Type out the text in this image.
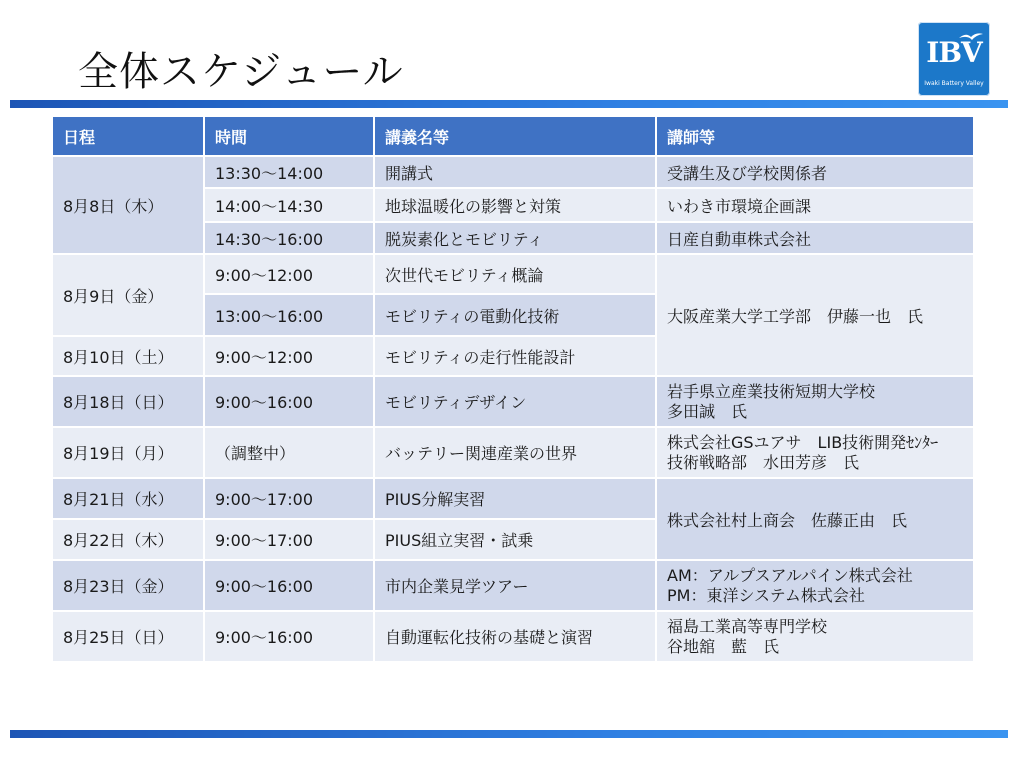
全体スケジュール	IBV
Iwaki Battery Valley
日程	時間	講義名等	講師等
8月8日（木）	13:30～14:00	開講式	受講生及び学校関係者
	14:00～14:30	地球温暖化の影響と対策	いわき市環境企画課
	14:30～16:00	脱炭素化とモビリティ	日産自動車株式会社
8月9日（金）	9:00～12:00	次世代モビリティ概論	大阪産業大学工学部　伊藤一也　氏
	13:00～16:00	モビリティの電動化技術	
8月10日（土）	9:00～12:00	モビリティの走行性能設計	
8月18日（日）	9:00～16:00	モビリティデザイン	岩手県立産業技術短期大学校
多田誠　氏

8月19日（月）	（調整中）	バッテリー関連産業の世界	株式会社GSユアサ　LIB技術開発ｾﾝﾀｰ
技術戦略部　水田芳彦　氏

8月21日（水）	9:00～17:00	PIUS分解実習	株式会社村上商会　佐藤正由　氏
8月22日（木）	9:00～17:00	PIUS組立実習・試乗	
8月23日（金）	9:00～16:00	市内企業見学ツアー	AM：アルプスアルパイン株式会社
PM：東洋システム株式会社

8月25日（日）	9:00～16:00	自動運転化技術の基礎と演習	福島工業高等専門学校
谷地舘　藍　氏
